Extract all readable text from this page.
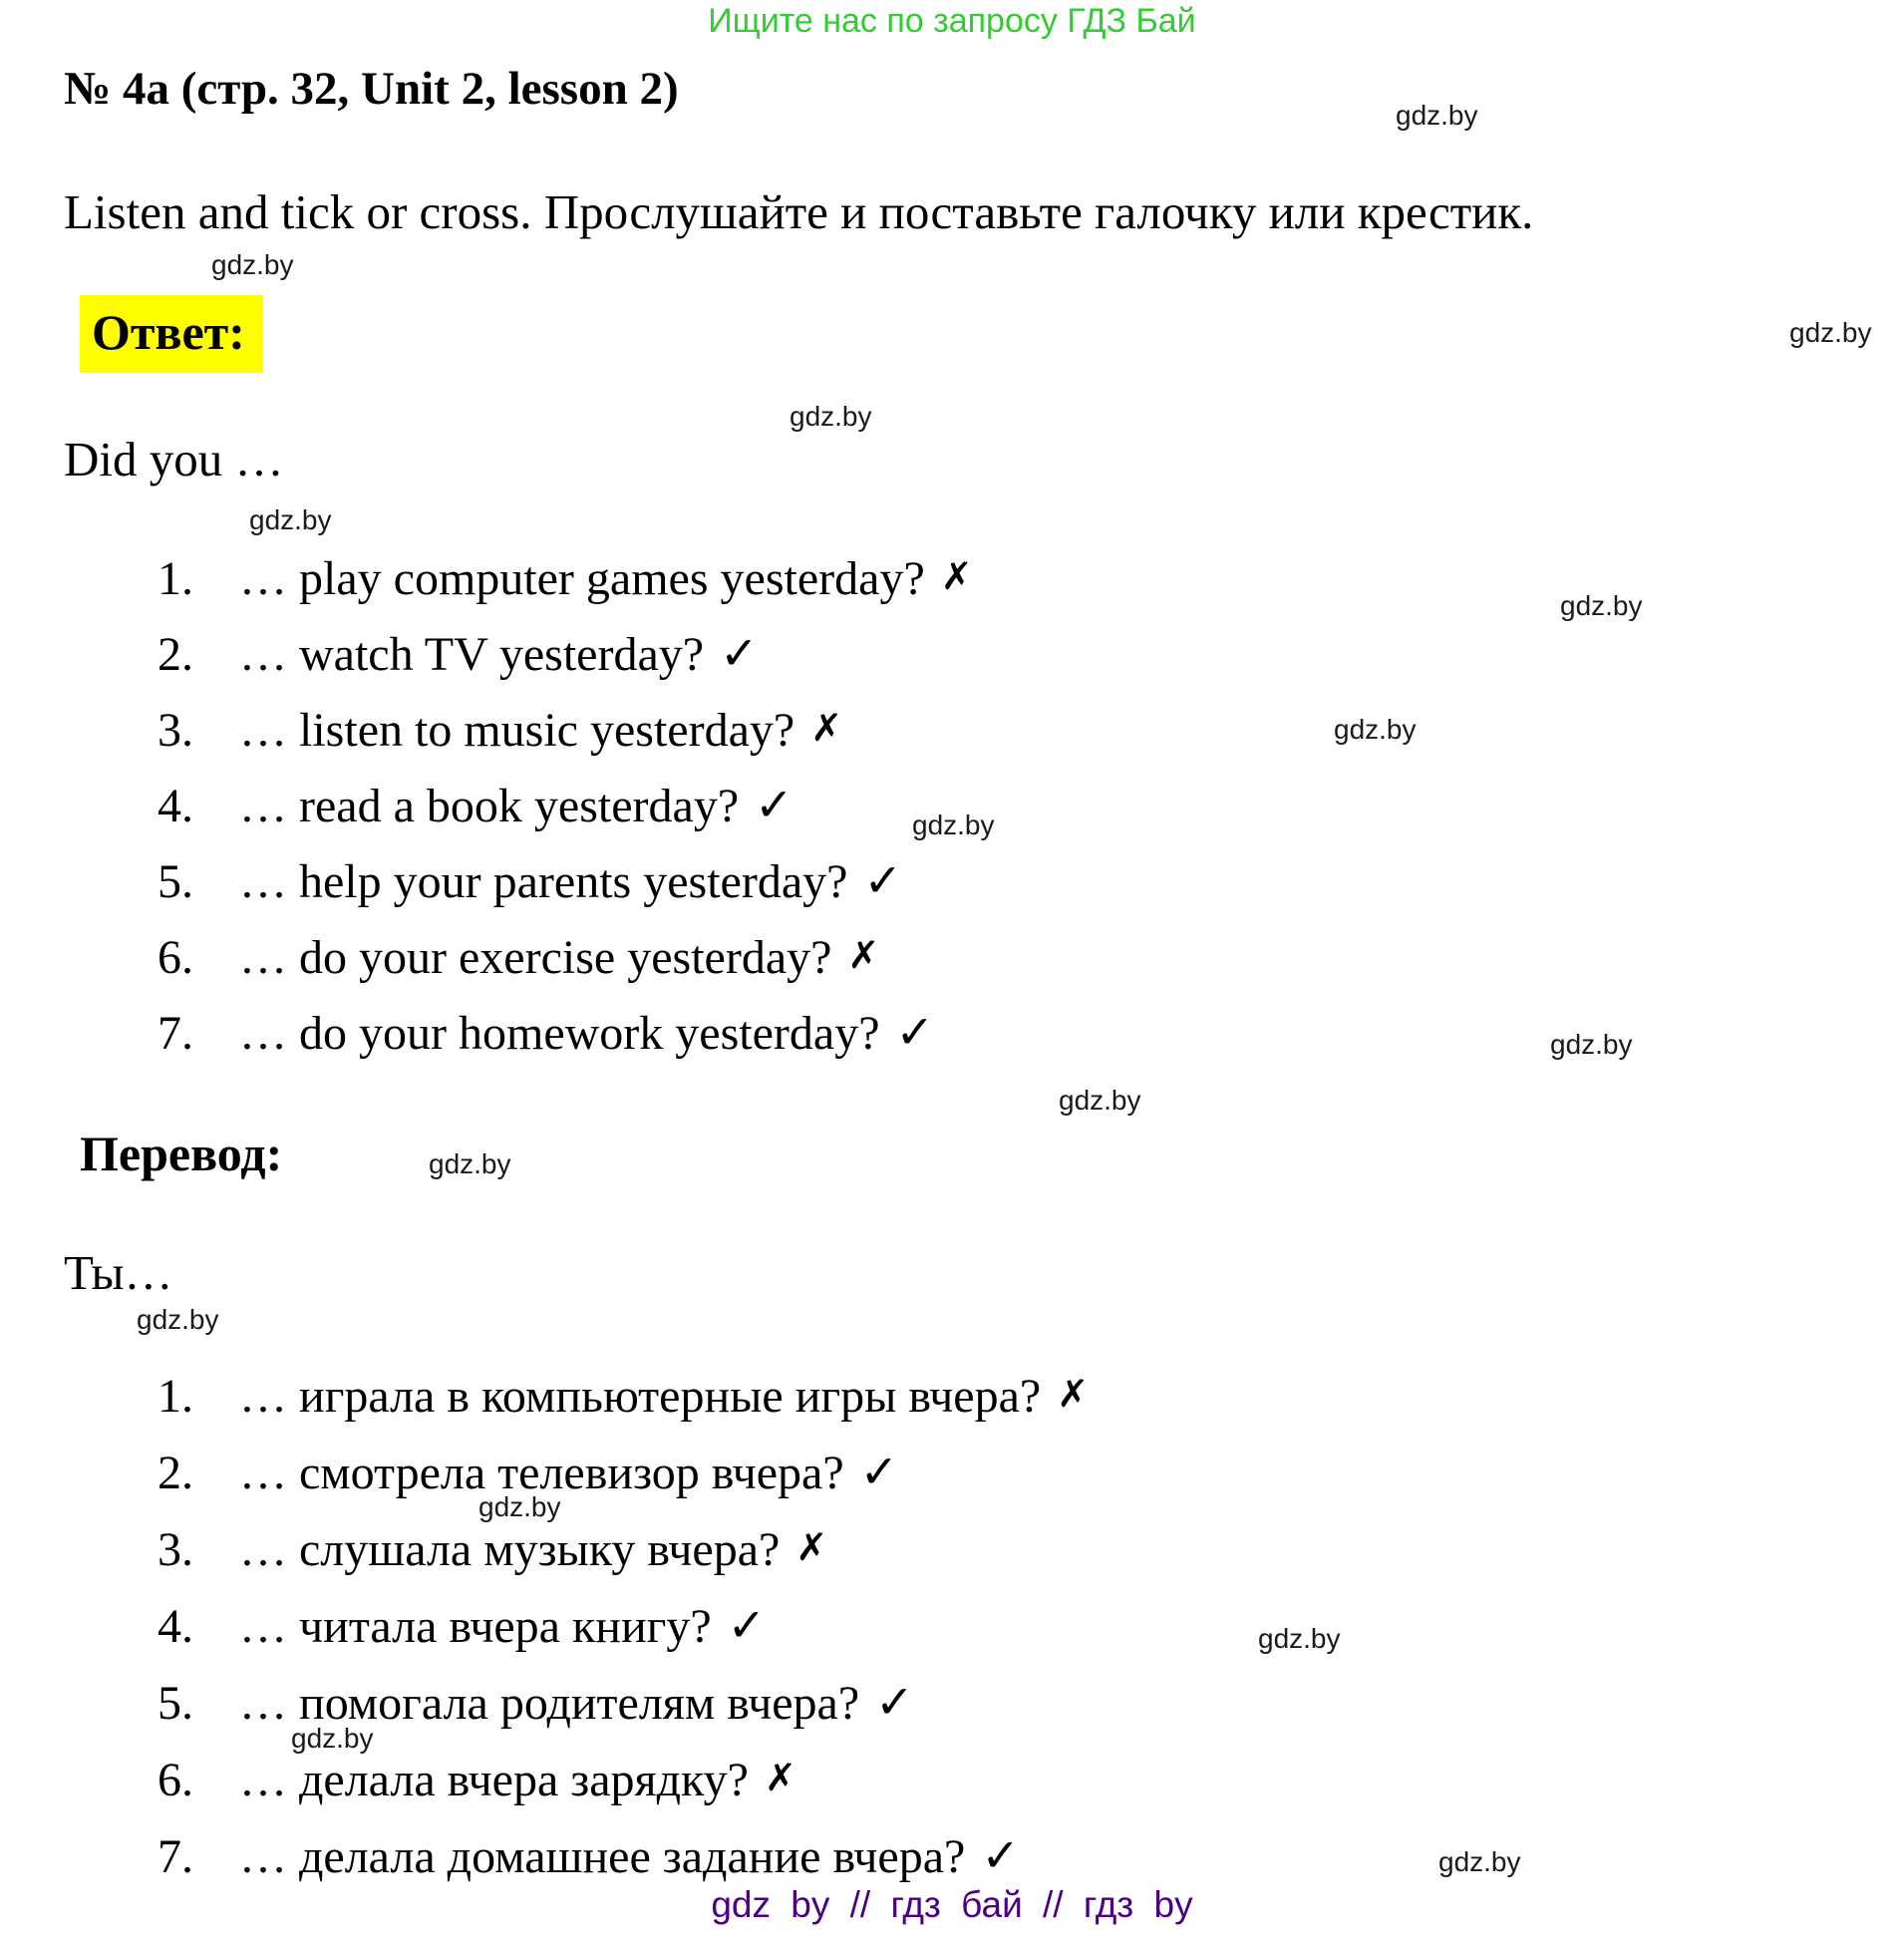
Ищите нас по запросу ГДЗ Бай
№ 4a (стр. 32, Unit 2, lesson 2)
Listen and tick or cross. Прослушайте и поставьте галочку или крестик.
Ответ:
Did you …
1. … play computer games yesterday? ✗
2. … watch TV yesterday? ✓
3. … listen to music yesterday? ✗
4. … read a book yesterday? ✓
5. … help your parents yesterday? ✓
6. … do your exercise yesterday? ✗
7. … do your homework yesterday? ✓
Перевод:
Ты…
1. … играла в компьютерные игры вчера? ✗
2. … смотрела телевизор вчера? ✓
3. … слушала музыку вчера? ✗
4. … читала вчера книгу? ✓
5. … помогала родителям вчера? ✓
6. … делала вчера зарядку? ✗
7. … делала домашнее задание вчера? ✓
gdz.by
gdz.by
gdz.by
gdz.by
gdz.by
gdz.by
gdz.by
gdz.by
gdz.by
gdz.by
gdz.by
gdz.by
gdz.by
gdz.by
gdz.by
gdz.by
gdz by // гдз бай // гдз by
